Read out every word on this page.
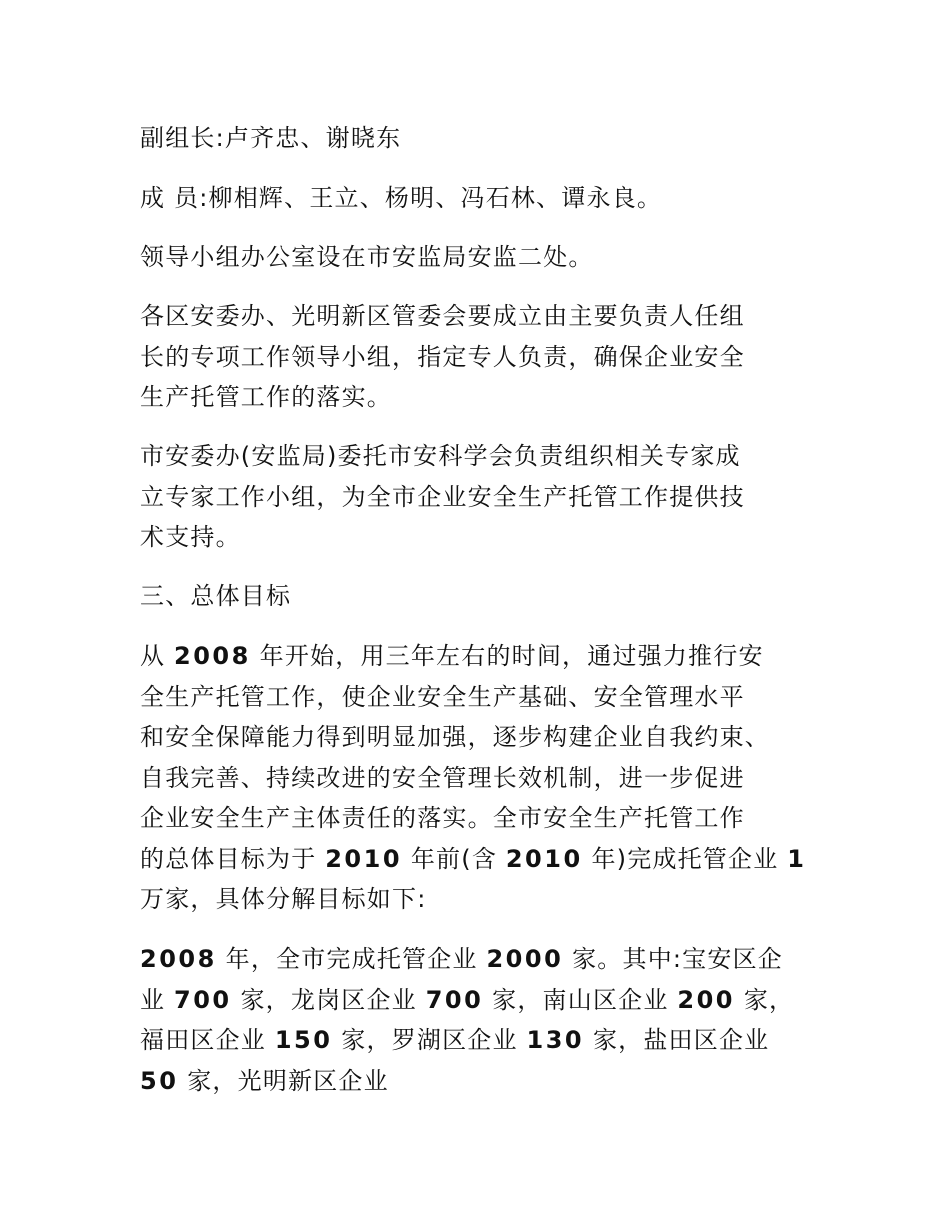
副组长:卢齐忠、谢晓东

成 员:柳相辉、王立、杨明、冯石林、谭永良。

领导小组办公室设在市安监局安监二处。

各区安委办、光明新区管委会要成立由主要负责人任组
长的专项工作领导小组，指定专人负责，确保企业安全
生产托管工作的落实。

市安委办(安监局)委托市安科学会负责组织相关专家成
立专家工作小组，为全市企业安全生产托管工作提供技
术支持。

三、总体目标

从 2008 年开始，用三年左右的时间，通过强力推行安
全生产托管工作，使企业安全生产基础、安全管理水平
和安全保障能力得到明显加强，逐步构建企业自我约束、
自我完善、持续改进的安全管理长效机制，进一步促进
企业安全生产主体责任的落实。全市安全生产托管工作
的总体目标为于 2010 年前(含 2010 年)完成托管企业 1
万家，具体分解目标如下:

2008 年，全市完成托管企业 2000 家。其中:宝安区企
业 700 家，龙岗区企业 700 家，南山区企业 200 家，
福田区企业 150 家，罗湖区企业 130 家，盐田区企业
50 家，光明新区企业
